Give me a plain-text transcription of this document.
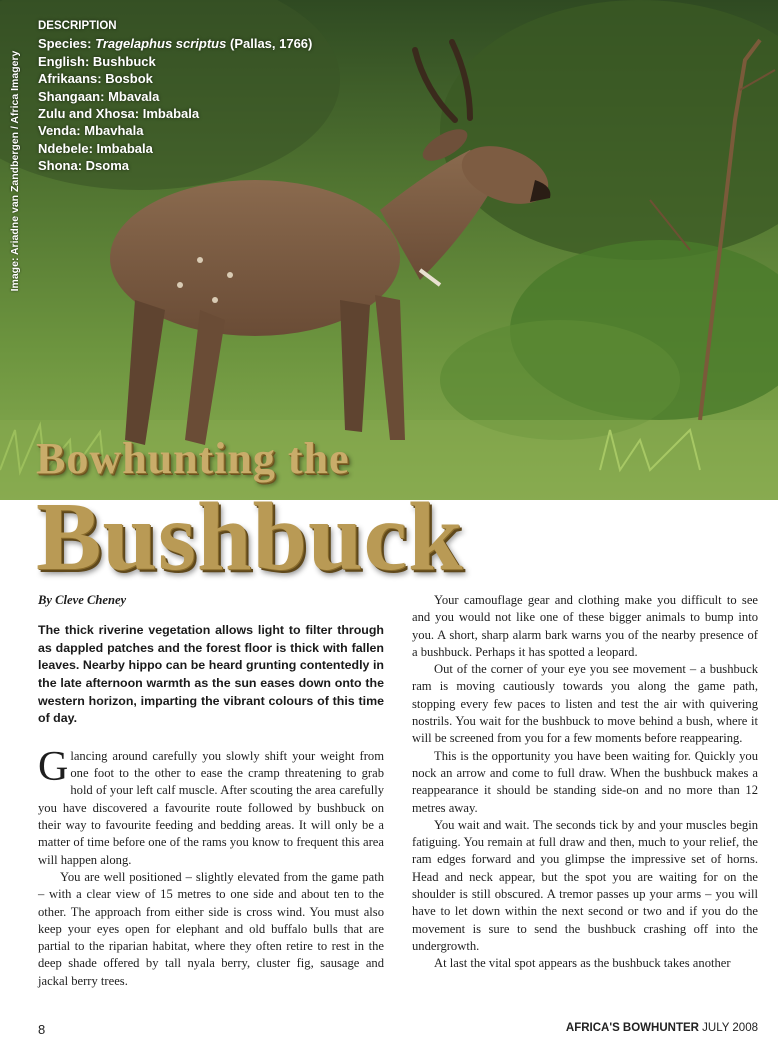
DESCRIPTION
Species: Tragelaphus scriptus (Pallas, 1766)
English: Bushbuck
Afrikaans: Bosbok
Shangaan: Mbavala
Zulu and Xhosa: Imbabala
Venda: Mbavhala
Ndebele: Imbabala
Shona: Dsoma
Image: Ariadne van Zandbergen / Africa Imagery
Bowhunting the
Bushbuck
By Cleve Cheney
The thick riverine vegetation allows light to filter through as dappled patches and the forest floor is thick with fallen leaves. Nearby hippo can be heard grunting contentedly in the late afternoon warmth as the sun eases down onto the western horizon, imparting the vibrant colours of this time of day.

Glancing around carefully you slowly shift your weight from one foot to the other to ease the cramp threatening to grab hold of your left calf muscle. After scouting the area carefully you have discovered a favourite route followed by bushbuck on their way to favourite feeding and bedding areas. It will only be a matter of time before one of the rams you know to frequent this area will happen along.

You are well positioned – slightly elevated from the game path – with a clear view of 15 metres to one side and about ten to the other. The approach from either side is cross wind. You must also keep your eyes open for elephant and old buffalo bulls that are partial to the riparian habitat, where they often retire to rest in the deep shade offered by tall nyala berry, cluster fig, sausage and jackal berry trees.

Your camouflage gear and clothing make you difficult to see and you would not like one of these bigger animals to bump into you. A short, sharp alarm bark warns you of the nearby presence of a bushbuck. Perhaps it has spotted a leopard.

Out of the corner of your eye you see movement – a bushbuck ram is moving cautiously towards you along the game path, stopping every few paces to listen and test the air with quivering nostrils. You wait for the bushbuck to move behind a bush, where it will be screened from you for a few moments before reappearing.

This is the opportunity you have been waiting for. Quickly you nock an arrow and come to full draw. When the bushbuck makes a reappearance it should be standing side-on and no more than 12 metres away.

You wait and wait. The seconds tick by and your muscles begin fatiguing. You remain at full draw and then, much to your relief, the ram edges forward and you glimpse the impressive set of horns. Head and neck appear, but the spot you are waiting for on the shoulder is still obscured. A tremor passes up your arms – you will have to let down within the next second or two and if you do the movement is sure to send the bushbuck crashing off into the undergrowth.

At last the vital spot appears as the bushbuck takes another

8	AFRICA'S BOWHUNTER JULY 2008
